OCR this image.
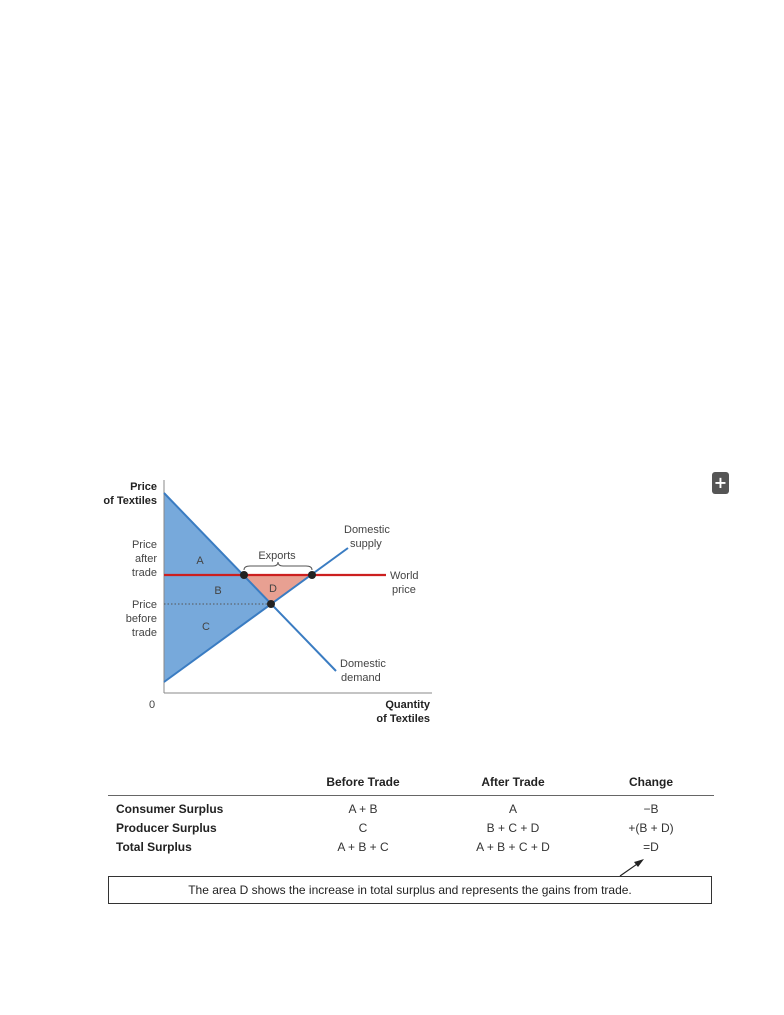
Price
of Textiles
Price
after
trade
Price
before
trade
0
A
B
C
D
Exports
Domestic
supply
World
price
Domestic
demand
Quantity
of Textiles
+
	Before Trade	After Trade	Change
Consumer Surplus	A + B	A	−B
Producer Surplus	C	B + C + D	+(B + D)
Total Surplus	A + B + C	A + B + C + D	=D
The area D shows the increase in total surplus and represents the gains from trade.
